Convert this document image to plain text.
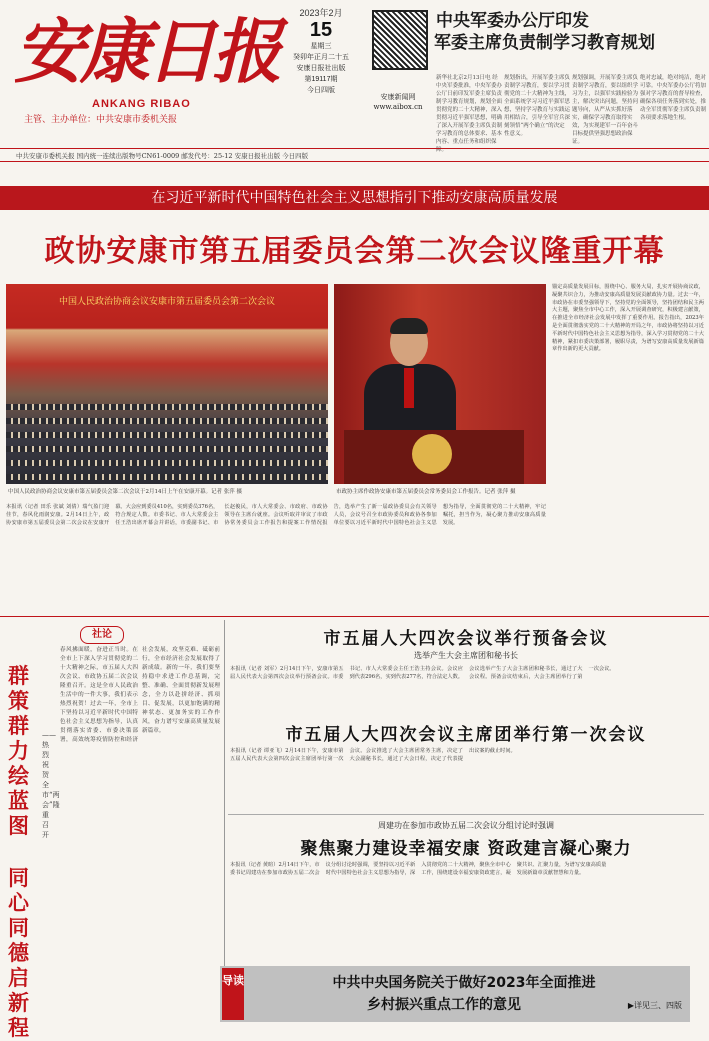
安康日报
ANKANG RIBAO
主管、主办单位：中共安康市委机关报
2023年2月
15
星期三
癸卯年正月二十五
安康日报社出版
第19117期
今日四版
安康新闻网
www.aibox.cn
中央军委办公厅印发
军委主席负责制学习教育规划
新华社北京2月13日电 经中央军委批准，中央军委办公厅日前印发军委主席负责制学习教育规划，规划全面贯彻党的二十大精神，深入贯彻习近平强军思想，明确了深入开展军委主席负责制学习教育的总体要求、基本内容、重点任务和组织保障。
规划指出，开展军委主席负责制学习教育，要以学习贯彻党的二十大精神为主线，全面系统学习习近平强军思想，坚持学习教育与实践运用相结合，引导全军官兵深刻领悟“两个确立”的决定性意义。
规划强调，开展军委主席负责制学习教育，要以组织学习为主，以强军实践检验为主，解决突出问题，坚持问题导向，从严从实抓好落实，确保学习教育取得实效，为实现建军一百年奋斗目标提供坚强思想政治保证。
绝对忠诚，绝对纯洁，绝对可靠。中央军委办公厅将加强对学习教育的督导检查，确保各项任务落到实处，推动全军贯彻军委主席负责制各项要求落地生根。
中共安康市委机关报 国内统一连续出版物号CN61-0009 邮发代号：25-12 安康日报社出版 今日四版
在习近平新时代中国特色社会主义思想指引下推动安康高质量发展
政协安康市第五届委员会第二次会议隆重开幕
中国人民政治协商会议安康市第五届委员会第二次会议
中国人民政治协商会议安康市第五届委员会第二次会议于2月14日上午在安康开幕。记者 张萍 摄	市政协主席作政协安康市第五届委员会常务委员会工作报告。记者 张萍 摄
锚定高质量发展目标，围绕中心、服务大局，扎实开展协商议政，凝聚共识合力，为推动安康高质量发展贡献政协力量。过去一年，市政协在市委坚强领导下，坚持党的全面领导，坚持团结和民主两大主题，聚焦全市中心工作，深入开展调查研究，积极建言献策，在推进全市经济社会发展中发挥了重要作用。报告指出，2023年是全面贯彻落实党的二十大精神的开局之年，市政协将坚持以习近平新时代中国特色社会主义思想为指导，深入学习贯彻党的二十大精神，紧扣市委决策部署，履职尽责，为谱写安康高质量发展新篇章作出新的更大贡献。
本报讯（记者 田乐 张斌 刘倩）瑞气盈门迎佳节，春风化雨润安康。2月14日上午，政协安康市第五届委员会第二次会议在安康开幕。大会应到委员410名，实到委员376名，符合规定人数。市委书记、市人大常委会主任王浩出席开幕会并讲话，市委副书记、市长赵俊民，市人大常委会、市政府、市政协领导在主席台就座。会议听取并审议了市政协常务委员会工作报告和提案工作情况报告，选举产生了新一届政协委员会有关领导人员，会议号召全市政协委员和政协各参加单位要以习近平新时代中国特色社会主义思想为指导，全面贯彻党的二十大精神，牢记嘱托，担当作为，凝心聚力推动安康高质量发展。
社论
群策群力绘蓝图
——热烈祝贺全市“两会”隆重召开
同心同德启新程
春风拂面暖，奋进正当时。在全市上下深入学习贯彻党的二十大精神之际，市五届人大四次会议、市政协五届二次会议隆重召开。这是全市人民政治生活中的一件大事，我们表示热烈祝贺！过去一年，全市上下坚持以习近平新时代中国特色社会主义思想为指导，认真贯彻落实省委、市委决策部署，高效统筹疫情防控和经济社会发展，攻坚克难、砥砺前行，全市经济社会发展取得了新成绩。新的一年，我们要坚持稳中求进工作总基调，完整、准确、全面贯彻新发展理念，全力以赴拼经济、抓项目、促发展，以更加饱满的精神状态、更加务实的工作作风，奋力谱写安康高质量发展新篇章。
市五届人大四次会议举行预备会议
选举产生大会主席团和秘书长
本报讯（记者 刘军）2月14日下午，安康市第五届人民代表大会第四次会议举行预备会议。市委书记、市人大常委会主任王浩主持会议。会议应到代表296名，实到代表277名，符合法定人数。会议选举产生了大会主席团和秘书长，通过了大会议程。预备会议结束后，大会主席团举行了第一次会议。
市五届人大四次会议主席团举行第一次会议
本报讯（记者 谭亚飞）2月14日下午，安康市第五届人民代表大会第四次会议主席团举行第一次会议。会议推选了大会主席团常务主席，决定了大会副秘书长，通过了大会日程，决定了代表提出议案的截止时间。
周建功在参加市政协五届二次会议分组讨论时强调
聚焦聚力建设幸福安康 资政建言凝心聚力
本报讯（记者 黄暄）2月14日下午，市委书记周建功在参加市政协五届二次会议分组讨论时强调，要坚持以习近平新时代中国特色社会主义思想为指导，深入贯彻党的二十大精神，聚焦全市中心工作，围绕建设幸福安康资政建言，凝聚共识、汇聚力量，为谱写安康高质量发展新篇章贡献智慧和力量。
导读	中共中央国务院关于做好2023年全面推进
乡村振兴重点工作的意见	▶详见三、四版
